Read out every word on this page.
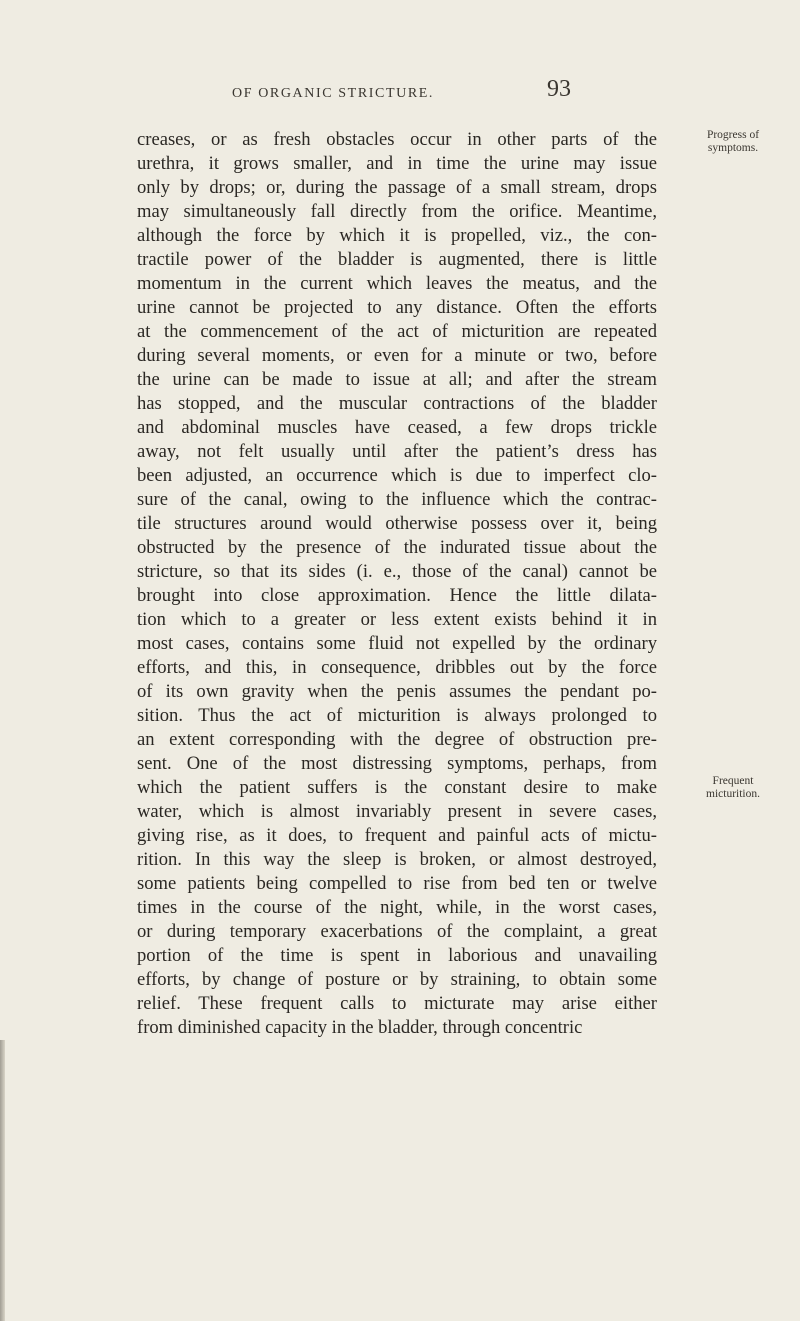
OF ORGANIC STRICTURE.	93
creases, or as fresh obstacles occur in other parts of the
urethra, it grows smaller, and in time the urine may issue
only by drops; or, during the passage of a small stream, drops
may simultaneously fall directly from the orifice. Meantime,
although the force by which it is propelled, viz., the con-
tractile power of the bladder is augmented, there is little
momentum in the current which leaves the meatus, and the
urine cannot be projected to any distance. Often the efforts
at the commencement of the act of micturition are repeated
during several moments, or even for a minute or two, before
the urine can be made to issue at all; and after the stream
has stopped, and the muscular contractions of the bladder
and abdominal muscles have ceased, a few drops trickle
away, not felt usually until after the patient’s dress has
been adjusted, an occurrence which is due to imperfect clo-
sure of the canal, owing to the influence which the contrac-
tile structures around would otherwise possess over it, being
obstructed by the presence of the indurated tissue about the
stricture, so that its sides (i. e., those of the canal) cannot be
brought into close approximation. Hence the little dilata-
tion which to a greater or less extent exists behind it in
most cases, contains some fluid not expelled by the ordinary
efforts, and this, in consequence, dribbles out by the force
of its own gravity when the penis assumes the pendant po-
sition. Thus the act of micturition is always prolonged to
an extent corresponding with the degree of obstruction pre-
sent. One of the most distressing symptoms, perhaps, from
which the patient suffers is the constant desire to make
water, which is almost invariably present in severe cases,
giving rise, as it does, to frequent and painful acts of mictu-
rition. In this way the sleep is broken, or almost destroyed,
some patients being compelled to rise from bed ten or twelve
times in the course of the night, while, in the worst cases,
or during temporary exacerbations of the complaint, a great
portion of the time is spent in laborious and unavailing
efforts, by change of posture or by straining, to obtain some
relief. These frequent calls to micturate may arise either
from diminished capacity in the bladder, through concentric
Progress of
symptoms.
Frequent
micturition.
